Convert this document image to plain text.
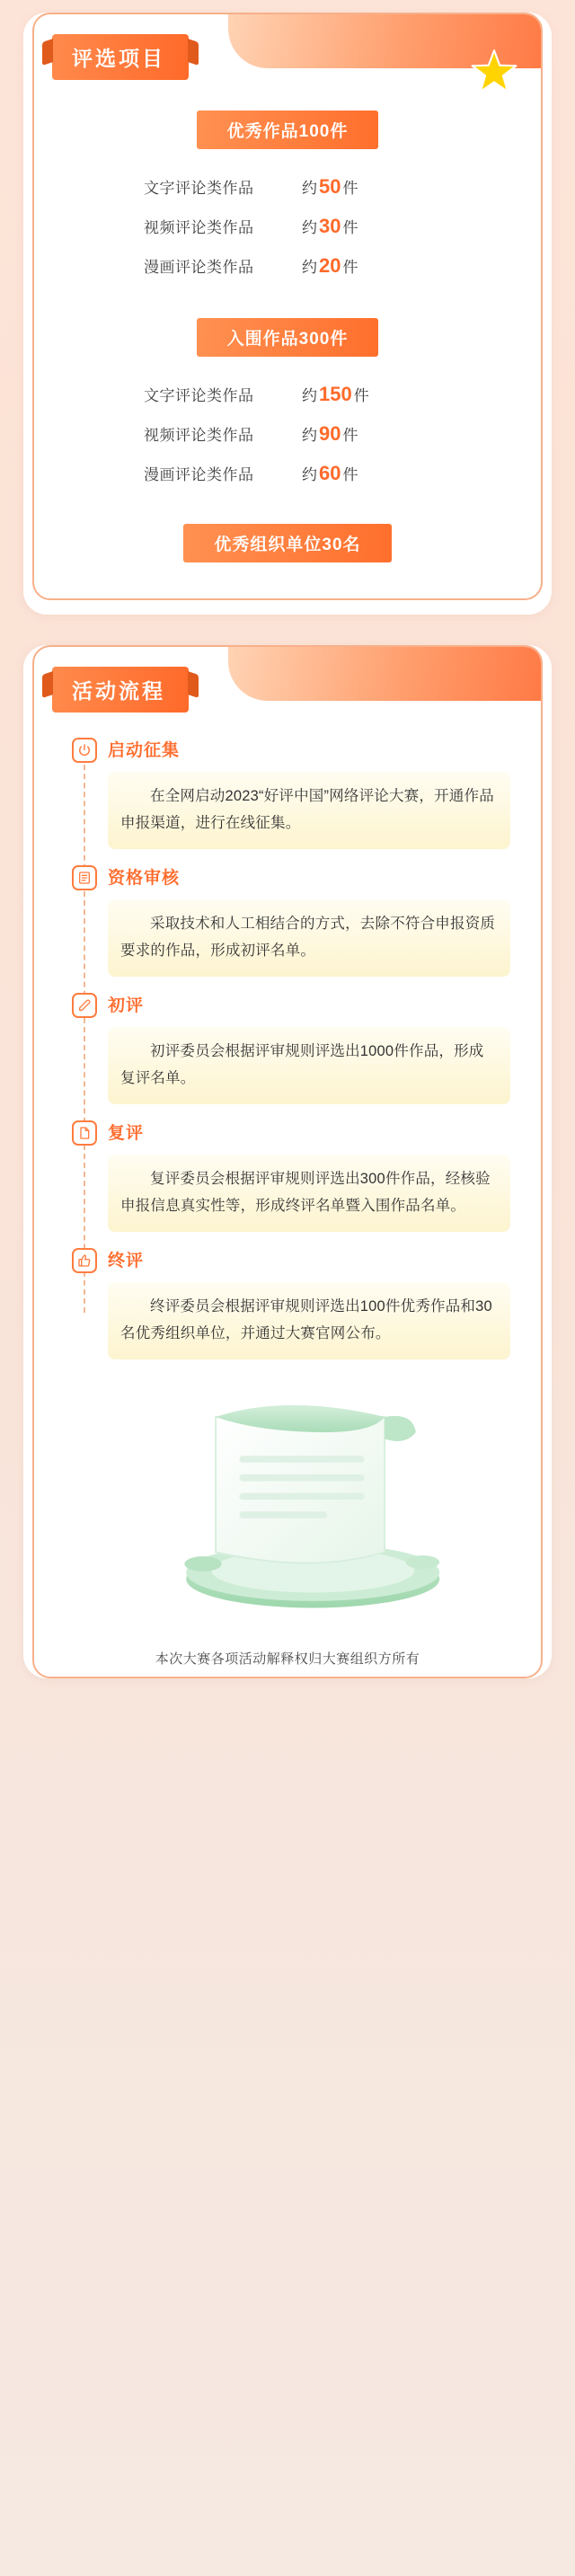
评选项目
优秀作品100件
文字评论类作品	约 50 件
视频评论类作品	约 30 件
漫画评论类作品	约 20 件
入围作品300件
文字评论类作品	约 150 件
视频评论类作品	约 90 件
漫画评论类作品	约 60 件
优秀组织单位30名
活动流程
启动征集
在全网启动2023“好评中国”网络评论大赛，开通作品申报渠道，进行在线征集。
资格审核
采取技术和人工相结合的方式，去除不符合申报资质要求的作品，形成初评名单。
初评
初评委员会根据评审规则评选出1000件作品，形成复评名单。
复评
复评委员会根据评审规则评选出300件作品，经核验申报信息真实性等，形成终评名单暨入围作品名单。
终评
终评委员会根据评审规则评选出100件优秀作品和30名优秀组织单位，并通过大赛官网公布。
本次大赛各项活动解释权归大赛组织方所有
